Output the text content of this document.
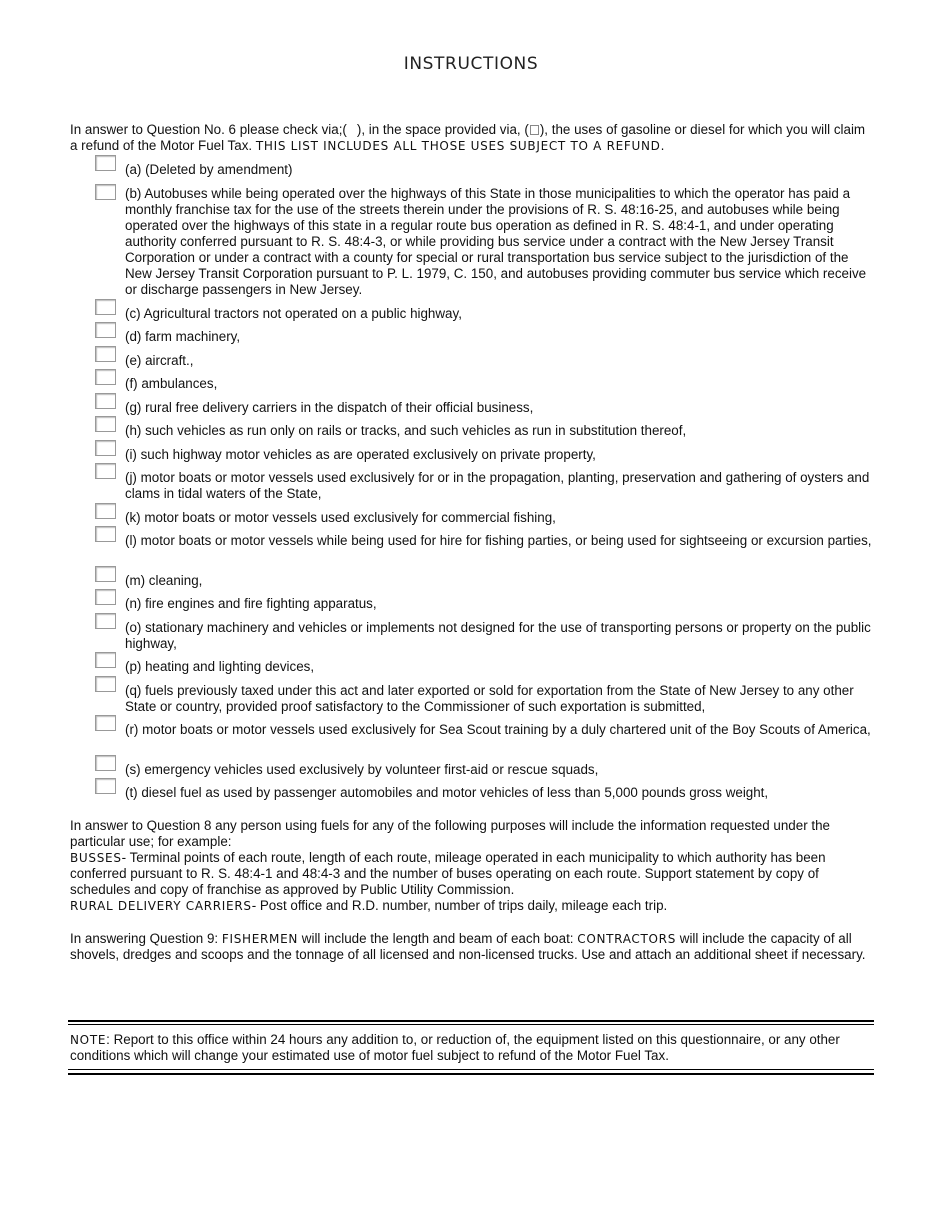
INSTRUCTIONS
In answer to Question No. 6 please check via;( ), in the space provided via, ( ), the uses of gasoline or diesel for which you will claim a refund of the Motor Fuel Tax. THIS LIST INCLUDES ALL THOSE USES SUBJECT TO A REFUND.
(a) (Deleted by amendment)
(b) Autobuses while being operated over the highways of this State in those municipalities to which the operator has paid a monthly franchise tax for the use of the streets therein under the provisions of R. S. 48:16-25, and autobuses while being operated over the highways of this state in a regular route bus operation as defined in R. S. 48:4-1, and under operating authority conferred pursuant to R. S. 48:4-3, or while providing bus service under a contract with the New Jersey Transit Corporation or under a contract with a county for special or rural transportation bus service subject to the jurisdiction of the New Jersey Transit Corporation pursuant to P. L. 1979, C. 150, and autobuses providing commuter bus service which receive or discharge passengers in New Jersey.
(c) Agricultural tractors not operated on a public highway,
(d) farm machinery,
(e) aircraft.,
(f) ambulances,
(g) rural free delivery carriers in the dispatch of their official business,
(h) such vehicles as run only on rails or tracks, and such vehicles as run in substitution thereof,
(i) such highway motor vehicles as are operated exclusively on private property,
(j) motor boats or motor vessels used exclusively for or in the propagation, planting, preservation and gathering of oysters and clams in tidal waters of the State,
(k) motor boats or motor vessels used exclusively for commercial fishing,
(l) motor boats or motor vessels while being used for hire for fishing parties, or being used for sightseeing or excursion parties,
(m) cleaning,
(n) fire engines and fire fighting apparatus,
(o) stationary machinery and vehicles or implements not designed for the use of transporting persons or property on the public highway,
(p) heating and lighting devices,
(q) fuels previously taxed under this act and later exported or sold for exportation from the State of New Jersey to any other State or country, provided proof satisfactory to the Commissioner of such exportation is submitted,
(r) motor boats or motor vessels used exclusively for Sea Scout training by a duly chartered unit of the Boy Scouts of America,
(s) emergency vehicles used exclusively by volunteer first-aid or rescue squads,
(t) diesel fuel as used by passenger automobiles and motor vehicles of less than 5,000 pounds gross weight,
In answer to Question 8 any person using fuels for any of the following purposes will include the information requested under the particular use; for example:
BUSSES- Terminal points of each route, length of each route, mileage operated in each municipality to which authority has been conferred pursuant to R. S. 48:4-1 and 48:4-3 and the number of buses operating on each route. Support statement by copy of schedules and copy of franchise as approved by Public Utility Commission.
RURAL DELIVERY CARRIERS- Post office and R.D. number, number of trips daily, mileage each trip.
In answering Question 9: FISHERMEN will include the length and beam of each boat: CONTRACTORS will include the capacity of all shovels, dredges and scoops and the tonnage of all licensed and non-licensed trucks. Use and attach an additional sheet if necessary.
NOTE: Report to this office within 24 hours any addition to, or reduction of, the equipment listed on this questionnaire, or any other conditions which will change your estimated use of motor fuel subject to refund of the Motor Fuel Tax.
